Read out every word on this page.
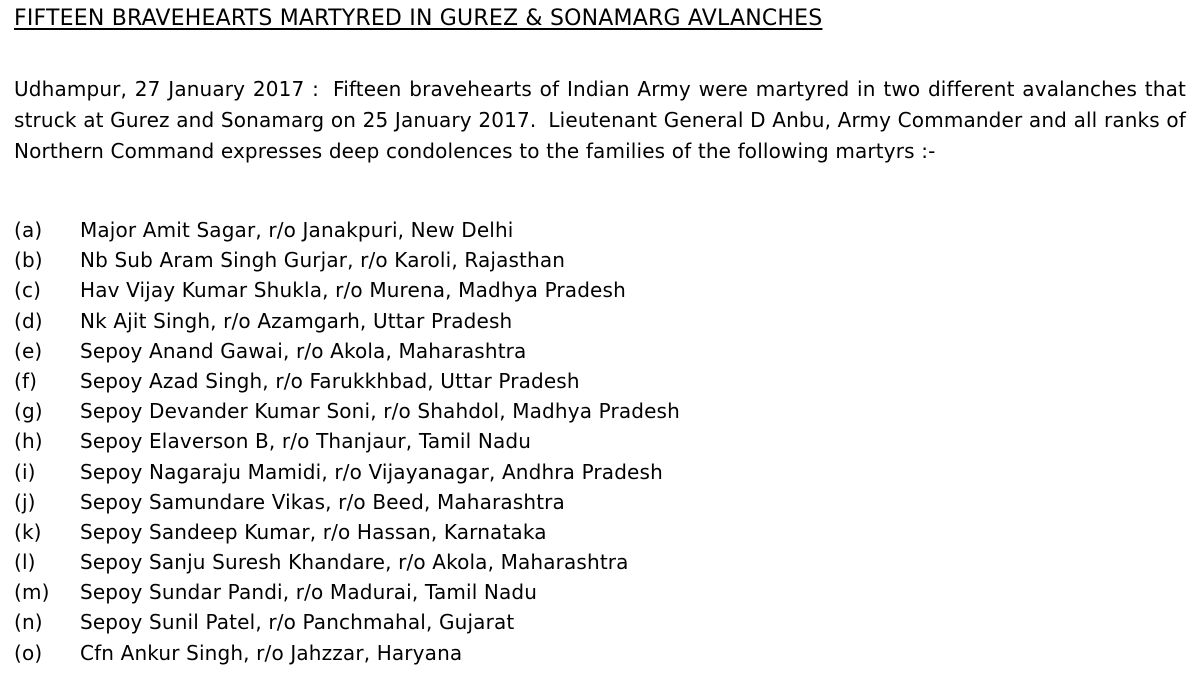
FIFTEEN BRAVEHEARTS MARTYRED IN GUREZ & SONAMARG AVLANCHES
Udhampur, 27 January 2017 : Fifteen bravehearts of Indian Army were martyred in two different avalanches that struck at Gurez and Sonamarg on 25 January 2017. Lieutenant General D Anbu, Army Commander and all ranks of Northern Command expresses deep condolences to the families of the following martyrs :-
(a)	Major Amit Sagar, r/o Janakpuri, New Delhi
(b)	Nb Sub Aram Singh Gurjar, r/o Karoli, Rajasthan
(c)	Hav Vijay Kumar Shukla, r/o Murena, Madhya Pradesh
(d)	Nk Ajit Singh, r/o Azamgarh, Uttar Pradesh
(e)	Sepoy Anand Gawai, r/o Akola, Maharashtra
(f)	Sepoy Azad Singh, r/o Farukkhbad, Uttar Pradesh
(g)	Sepoy Devander Kumar Soni, r/o Shahdol, Madhya Pradesh
(h)	Sepoy Elaverson B, r/o Thanjaur, Tamil Nadu
(i)	Sepoy Nagaraju Mamidi, r/o Vijayanagar, Andhra Pradesh
(j)	Sepoy Samundare Vikas, r/o Beed, Maharashtra
(k)	Sepoy Sandeep Kumar, r/o Hassan, Karnataka
(l)	Sepoy Sanju Suresh Khandare, r/o Akola, Maharashtra
(m)	Sepoy Sundar Pandi, r/o Madurai, Tamil Nadu
(n)	Sepoy Sunil Patel, r/o Panchmahal, Gujarat
(o)	Cfn Ankur Singh, r/o Jahzzar, Haryana
